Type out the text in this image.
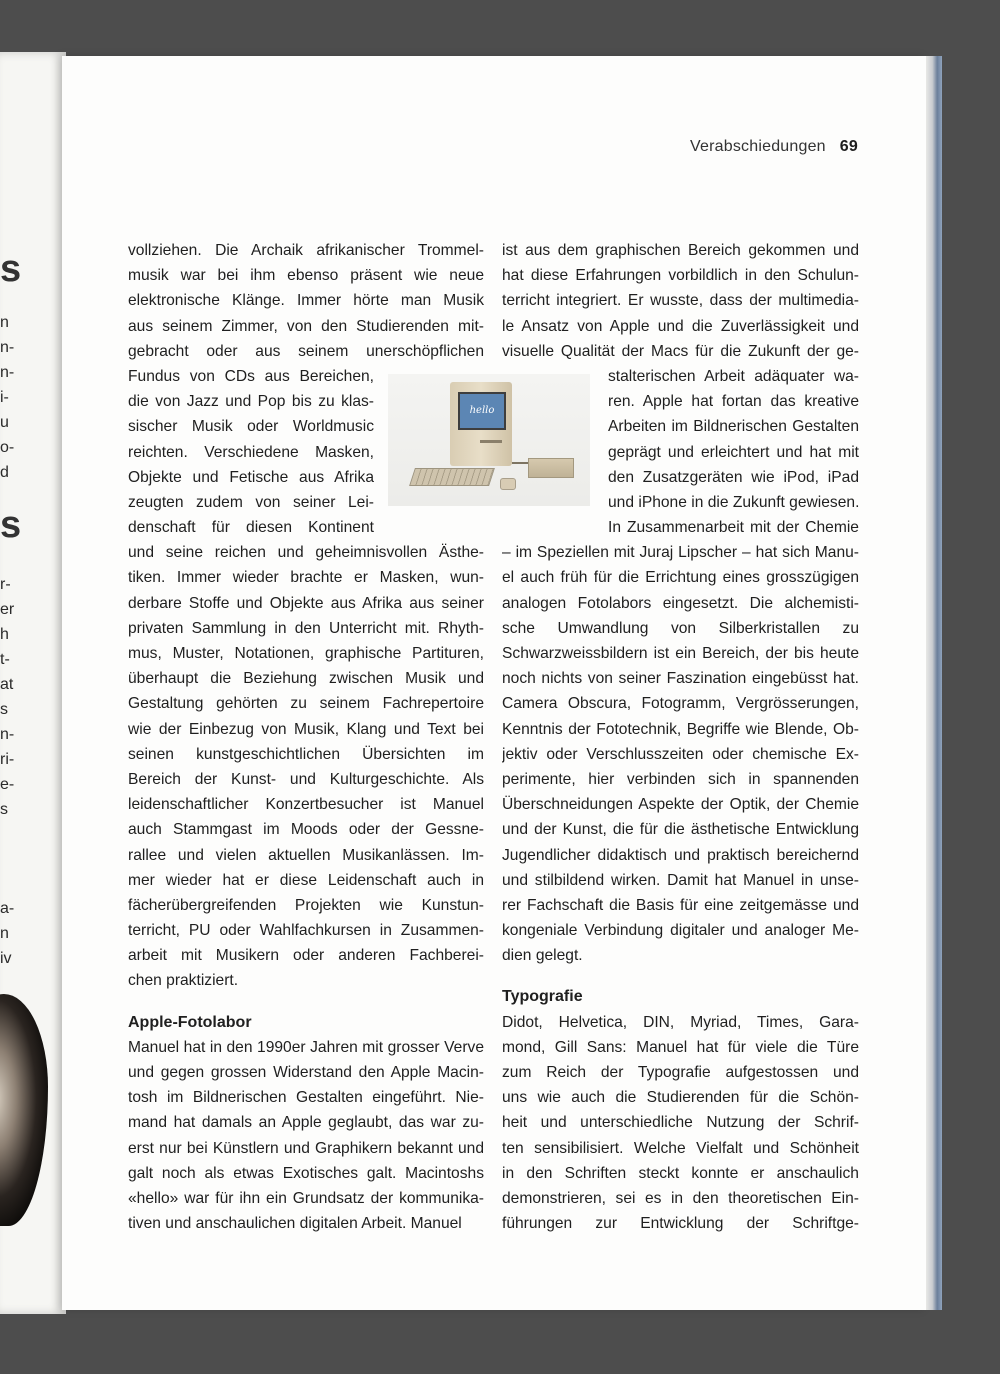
s
n
n-
n-
i-
u
o-
d
s
r-
er
h
t-
at
s
n-
ri-
e-
s
a-
n
iv
Verabschiedungen 69
vollziehen. Die Archaik afrikanischer Trommel-
musik war bei ihm ebenso präsent wie neue
elektronische Klänge. Immer hörte man Musik
aus seinem Zimmer, von den Studierenden mit-
gebracht oder aus seinem unerschöpflichen
Fundus von CDs aus Bereichen,
die von Jazz und Pop bis zu klas-
sischer Musik oder Worldmusic
reichten. Verschiedene Masken,
Objekte und Fetische aus Afrika
zeugten zudem von seiner Lei-
denschaft für diesen Kontinent
und seine reichen und geheimnisvollen Ästhe-
tiken. Immer wieder brachte er Masken, wun-
derbare Stoffe und Objekte aus Afrika aus seiner
privaten Sammlung in den Unterricht mit. Rhyth-
mus, Muster, Notationen, graphische Partituren,
überhaupt die Beziehung zwischen Musik und
Gestaltung gehörten zu seinem Fachrepertoire
wie der Einbezug von Musik, Klang und Text bei
seinen kunstgeschichtlichen Übersichten im
Bereich der Kunst- und Kulturgeschichte. Als
leidenschaftlicher Konzertbesucher ist Manuel
auch Stammgast im Moods oder der Gessne-
rallee und vielen aktuellen Musikanlässen. Im-
mer wieder hat er diese Leidenschaft auch in
fächerübergreifenden Projekten wie Kunstun-
terricht, PU oder Wahlfachkursen in Zusammen-
arbeit mit Musikern oder anderen Fachberei-
chen praktiziert.
Apple-Fotolabor
Manuel hat in den 1990er Jahren mit grosser Verve
und gegen grossen Widerstand den Apple Macin-
tosh im Bildnerischen Gestalten eingeführt. Nie-
mand hat damals an Apple geglaubt, das war zu-
erst nur bei Künstlern und Graphikern bekannt und
galt noch als etwas Exotisches galt. Macintoshs
«hello» war für ihn ein Grundsatz der kommunika-
tiven und anschaulichen digitalen Arbeit. Manuel
ist aus dem graphischen Bereich gekommen und
hat diese Erfahrungen vorbildlich in den Schulun-
terricht integriert. Er wusste, dass der multimedia-
le Ansatz von Apple und die Zuverlässigkeit und
visuelle Qualität der Macs für die Zukunft der ge-
stalterischen Arbeit adäquater wa-
ren. Apple hat fortan das kreative
Arbeiten im Bildnerischen Gestalten
geprägt und erleichtert und hat mit
den Zusatzgeräten wie iPod, iPad
und iPhone in die Zukunft gewiesen.
In Zusammenarbeit mit der Chemie
– im Speziellen mit Juraj Lipscher – hat sich Manu-
el auch früh für die Errichtung eines grosszügigen
analogen Fotolabors eingesetzt. Die alchemisti-
sche Umwandlung von Silberkristallen zu
Schwarzweissbildern ist ein Bereich, der bis heute
noch nichts von seiner Faszination eingebüsst hat.
Camera Obscura, Fotogramm, Vergrösserungen,
Kenntnis der Fototechnik, Begriffe wie Blende, Ob-
jektiv oder Verschlusszeiten oder chemische Ex-
perimente, hier verbinden sich in spannenden
Überschneidungen Aspekte der Optik, der Chemie
und der Kunst, die für die ästhetische Entwicklung
Jugendlicher didaktisch und praktisch bereichernd
und stilbildend wirken. Damit hat Manuel in unse-
rer Fachschaft die Basis für eine zeitgemässe und
kongeniale Verbindung digitaler und analoger Me-
dien gelegt.
Typografie
Didot, Helvetica, DIN, Myriad, Times, Gara-
mond, Gill Sans: Manuel hat für viele die Türe
zum Reich der Typografie aufgestossen und
uns wie auch die Studierenden für die Schön-
heit und unterschiedliche Nutzung der Schrif-
ten sensibilisiert. Welche Vielfalt und Schönheit
in den Schriften steckt konnte er anschaulich
demonstrieren, sei es in den theoretischen Ein-
führungen zur Entwicklung der Schriftge-
hello
